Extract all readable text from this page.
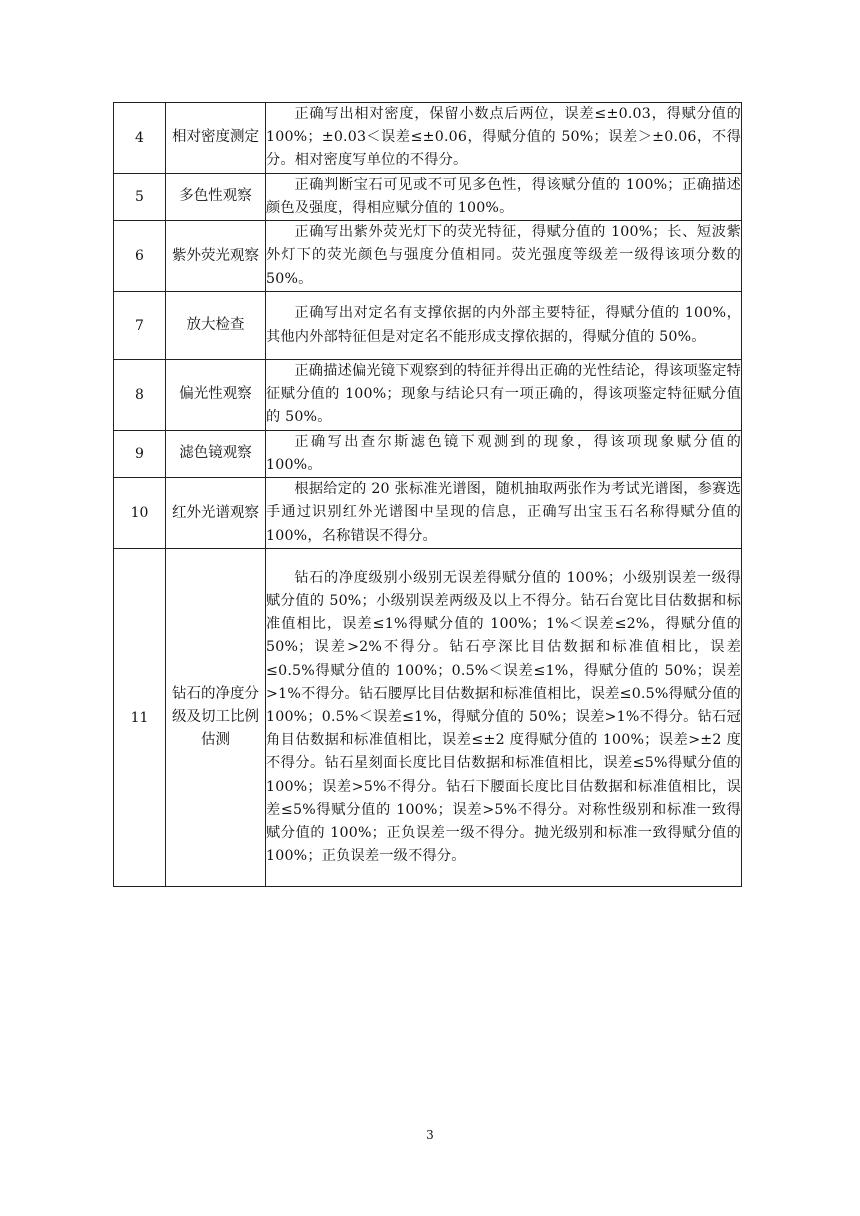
4	相对密度测定	正确写出相对密度，保留小数点后两位，误差≤±0.03，得赋分值的 100%；±0.03＜误差≤±0.06，得赋分值的 50%；误差＞±0.06，不得分。相对密度写单位的不得分。
5	多色性观察	正确判断宝石可见或不可见多色性，得该赋分值的 100%；正确描述颜色及强度，得相应赋分值的 100%。
6	紫外荧光观察	正确写出紫外荧光灯下的荧光特征，得赋分值的 100%；长、短波紫外灯下的荧光颜色与强度分值相同。荧光强度等级差一级得该项分数的 50%。
7	放大检查	正确写出对定名有支撑依据的内外部主要特征，得赋分值的 100%， 其他内外部特征但是对定名不能形成支撑依据的，得赋分值的 50%。
8	偏光性观察	正确描述偏光镜下观察到的特征并得出正确的光性结论，得该项鉴定特征赋分值的 100%；现象与结论只有一项正确的，得该项鉴定特征赋分值的 50%。
9	滤色镜观察	正确写出查尔斯滤色镜下观测到的现象，得该项现象赋分值的 100%。
10	红外光谱观察	根据给定的 20 张标准光谱图，随机抽取两张作为考试光谱图，参赛选手通过识别红外光谱图中呈现的信息，正确写出宝玉石名称得赋分值的 100%，名称错误不得分。
11	钻石的净度分级及切工比例估测	钻石的净度级别小级别无误差得赋分值的 100%；小级别误差一级得赋分值的 50%；小级别误差两级及以上不得分。钻石台宽比目估数据和标准值相比，误差≤1%得赋分值的 100%；1%＜误差≤2%，得赋分值的 50%；误差>2%不得分。钻石亭深比目估数据和标准值相比，误差≤0.5%得赋分值的 100%；0.5%＜误差≤1%，得赋分值的 50%；误差>1%不得分。钻石腰厚比目估数据和标准值相比，误差≤0.5%得赋分值的 100%；0.5%＜误差≤1%，得赋分值的 50%；误差>1%不得分。钻石冠角目估数据和标准值相比，误差≤±2 度得赋分值的 100%；误差>±2 度不得分。钻石星刻面长度比目估数据和标准值相比，误差≤5%得赋分值的 100%；误差>5%不得分。钻石下腰面长度比目估数据和标准值相比，误差≤5%得赋分值的 100%；误差>5%不得分。对称性级别和标准一致得赋分值的 100%；正负误差一级不得分。抛光级别和标准一致得赋分值的 100%；正负误差一级不得分。
3
